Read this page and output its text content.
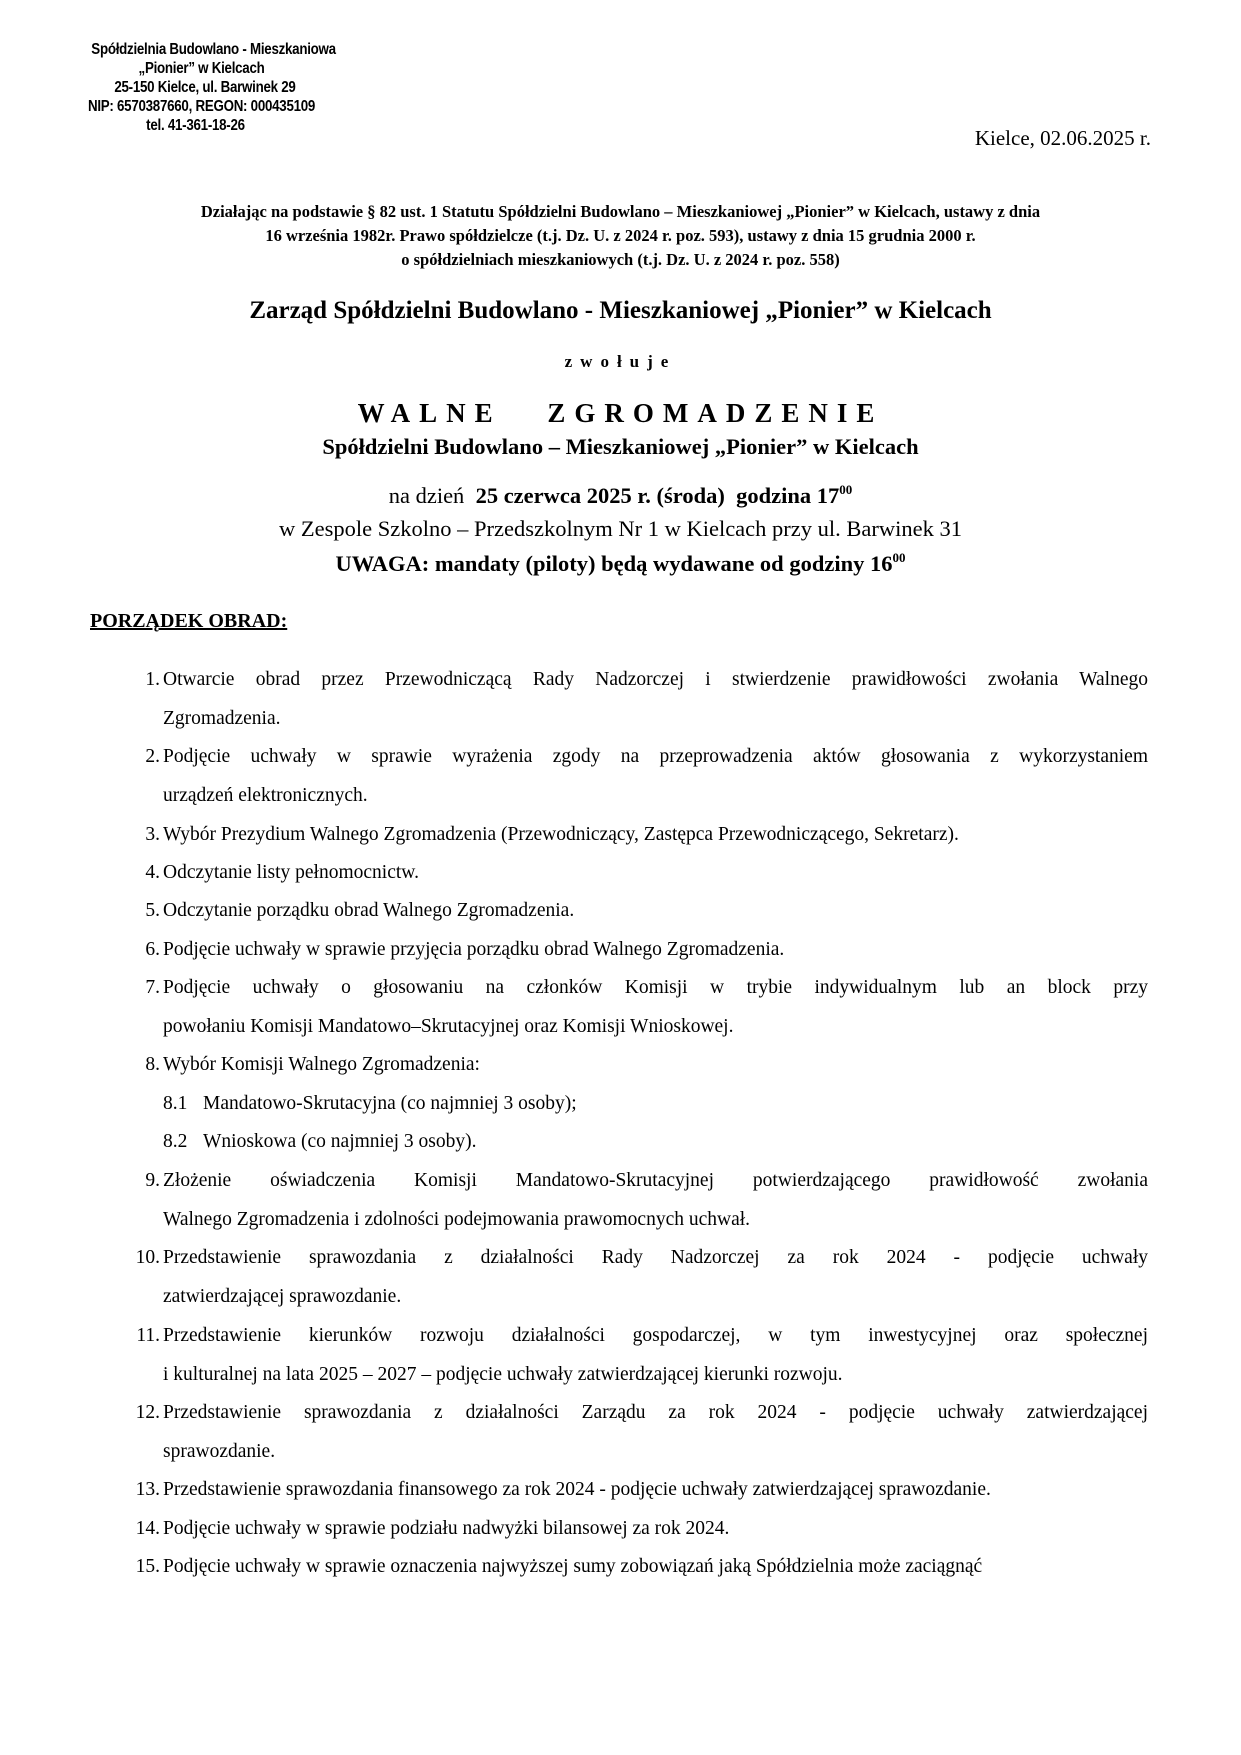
Spółdzielnia Budowlano - Mieszkaniowa
„Pionier” w Kielcach
25-150 Kielce, ul. Barwinek 29
NIP: 6570387660, REGON: 000435109
tel. 41-361-18-26
Kielce, 02.06.2025 r.
Działając na podstawie § 82 ust. 1 Statutu Spółdzielni Budowlano – Mieszkaniowej „Pionier” w Kielcach, ustawy z dnia
16 września 1982r. Prawo spółdzielcze (t.j. Dz. U. z 2024 r. poz. 593), ustawy z dnia 15 grudnia 2000 r.
o spółdzielniach mieszkaniowych (t.j. Dz. U. z 2024 r. poz. 558)
Zarząd Spółdzielni Budowlano - Mieszkaniowej „Pionier” w Kielcach
zwołuje
WALNE ZGROMADZENIE
Spółdzielni Budowlano – Mieszkaniowej „Pionier” w Kielcach
na dzień 25 czerwca 2025 r. (środa) godzina $17^{00}$
w Zespole Szkolno – Przedszkolnym Nr 1 w Kielcach przy ul. Barwinek 31
UWAGA: mandaty (piloty) będą wydawane od godziny $16^{00}$
PORZĄDEK OBRAD:
1. Otwarcie obrad przez Przewodniczącą Rady Nadzorczej i stwierdzenie prawidłowości zwołania Walnego
Zgromadzenia.
2. Podjęcie uchwały w sprawie wyrażenia zgody na przeprowadzenia aktów głosowania z wykorzystaniem
urządzeń elektronicznych.
3. Wybór Prezydium Walnego Zgromadzenia (Przewodniczący, Zastępca Przewodniczącego, Sekretarz).
4. Odczytanie listy pełnomocnictw.
5. Odczytanie porządku obrad Walnego Zgromadzenia.
6. Podjęcie uchwały w sprawie przyjęcia porządku obrad Walnego Zgromadzenia.
7. Podjęcie uchwały o głosowaniu na członków Komisji w trybie indywidualnym lub an block przy
powołaniu Komisji Mandatowo–Skrutacyjnej oraz Komisji Wnioskowej.
8. Wybór Komisji Walnego Zgromadzenia:
8.1 Mandatowo-Skrutacyjna (co najmniej 3 osoby);
8.2 Wnioskowa (co najmniej 3 osoby).
9. Złożenie oświadczenia Komisji Mandatowo-Skrutacyjnej potwierdzającego prawidłowość zwołania
Walnego Zgromadzenia i zdolności podejmowania prawomocnych uchwał.
10. Przedstawienie sprawozdania z działalności Rady Nadzorczej za rok 2024 - podjęcie uchwały
zatwierdzającej sprawozdanie.
11. Przedstawienie kierunków rozwoju działalności gospodarczej, w tym inwestycyjnej oraz społecznej
i kulturalnej na lata 2025 – 2027 – podjęcie uchwały zatwierdzającej kierunki rozwoju.
12. Przedstawienie sprawozdania z działalności Zarządu za rok 2024 - podjęcie uchwały zatwierdzającej
sprawozdanie.
13. Przedstawienie sprawozdania finansowego za rok 2024 - podjęcie uchwały zatwierdzającej sprawozdanie.
14. Podjęcie uchwały w sprawie podziału nadwyżki bilansowej za rok 2024.
15. Podjęcie uchwały w sprawie oznaczenia najwyższej sumy zobowiązań jaką Spółdzielnia może zaciągnąć
